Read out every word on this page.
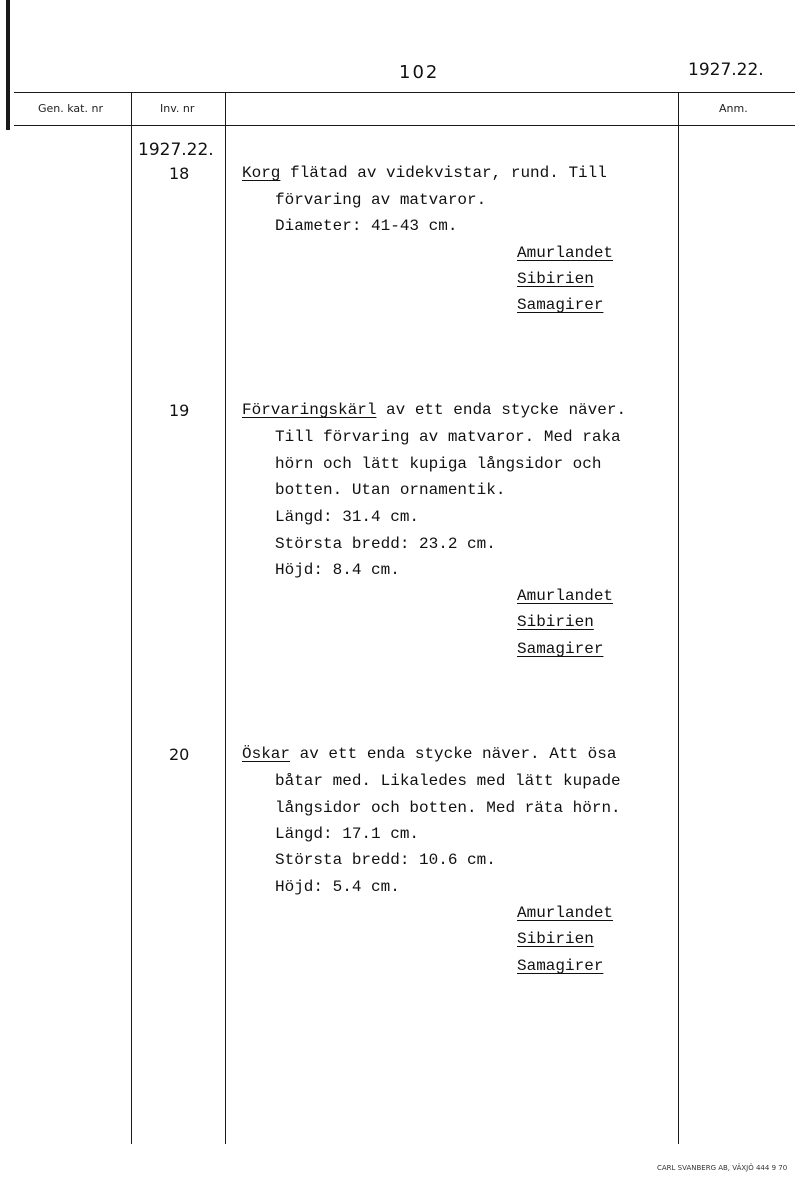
102	1927.22.
Gen. kat. nr	Inv. nr	Anm.
1927.22.
18	Korg flätad av videkvistar, rund. Till
förvaring av matvaror.
Diameter: 41-43 cm.
Amurlandet
Sibirien
Samagirer
19	Förvaringskärl av ett enda stycke näver.
Till förvaring av matvaror. Med raka
hörn och lätt kupiga långsidor och
botten. Utan ornamentik.
Längd: 31.4 cm.
Största bredd: 23.2 cm.
Höjd: 8.4 cm.
Amurlandet
Sibirien
Samagirer
20	Öskar av ett enda stycke näver. Att ösa
båtar med. Likaledes med lätt kupade
långsidor och botten. Med räta hörn.
Längd: 17.1 cm.
Största bredd: 10.6 cm.
Höjd: 5.4 cm.
Amurlandet
Sibirien
Samagirer
CARL SVANBERG AB, VÄXJÖ 444 9 70
